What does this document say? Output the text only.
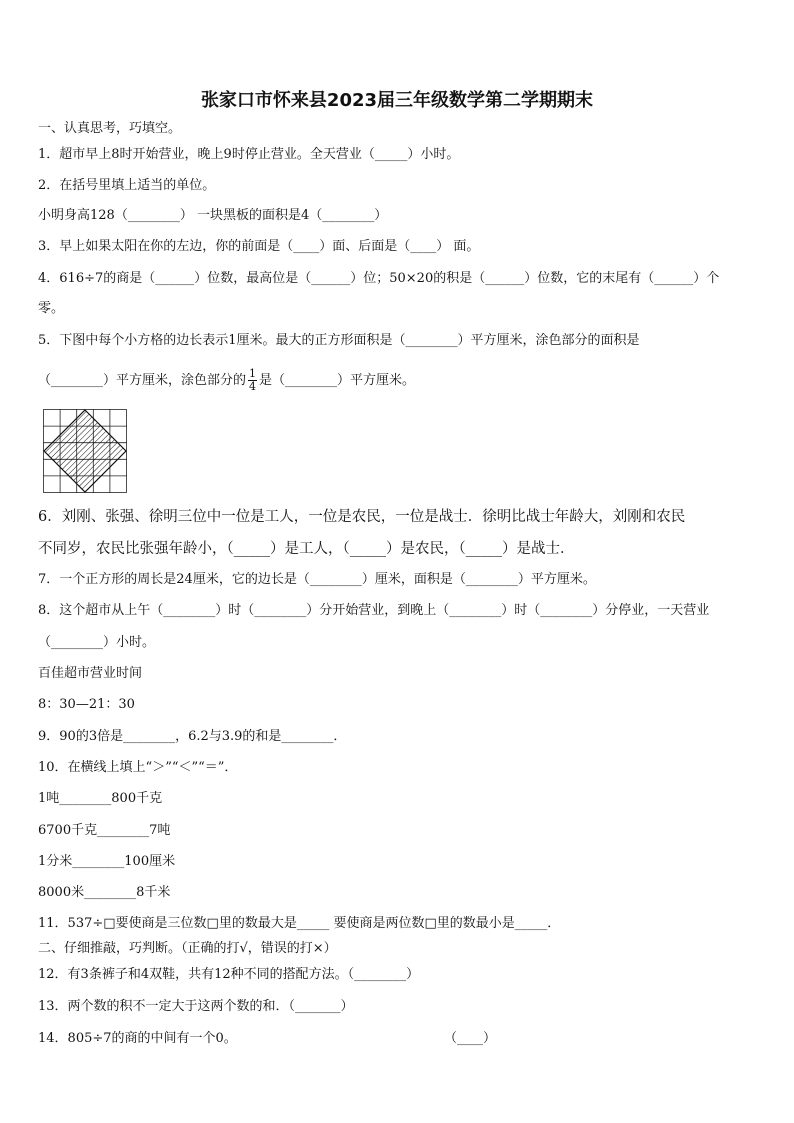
张家口市怀来县2023届三年级数学第二学期期末
一、认真思考，巧填空。
1．超市早上8时开始营业，晚上9时停止营业。全天营业（_____）小时。
2．在括号里填上适当的单位。
小明身高128（________） 一块黑板的面积是4（________）
3．早上如果太阳在你的左边，你的前面是（____）面、后面是（____） 面。
4．616÷7的商是（______）位数，最高位是（______）位；50×20的积是（______）位数，它的末尾有（______）个
零。
5．下图中每个小方格的边长表示1厘米。最大的正方形面积是（________）平方厘米，涂色部分的面积是
（________）平方厘米，涂色部分的 $\frac{1}{4}$ 是（________）平方厘米。
6．刘刚、张强、徐明三位中一位是工人，一位是农民，一位是战士．徐明比战士年龄大，刘刚和农民
不同岁，农民比张强年龄小，（_____）是工人，（_____）是农民，（_____）是战士．
7．一个正方形的周长是24厘米，它的边长是（________）厘米，面积是（________）平方厘米。
8．这个超市从上午（________）时（________）分开始营业，到晚上（________）时（________）分停业，一天营业
（________）小时。
百佳超市营业时间
8：30—21：30
9．90的3倍是________，6.2与3.9的和是________．
10．在横线上填上“＞”“＜”“＝”．
1吨________800千克
6700千克________7吨
1分米________100厘米
8000米________8千米
11．537÷□要使商是三位数□里的数最大是_____ 要使商是两位数□里的数最小是_____．
二、仔细推敲，巧判断。（正确的打√，错误的打×）
12．有3条裤子和4双鞋，共有12种不同的搭配方法。（________）
13．两个数的积不一定大于这两个数的和．（_______）
14．805÷7的商的中间有一个0。	（____）
